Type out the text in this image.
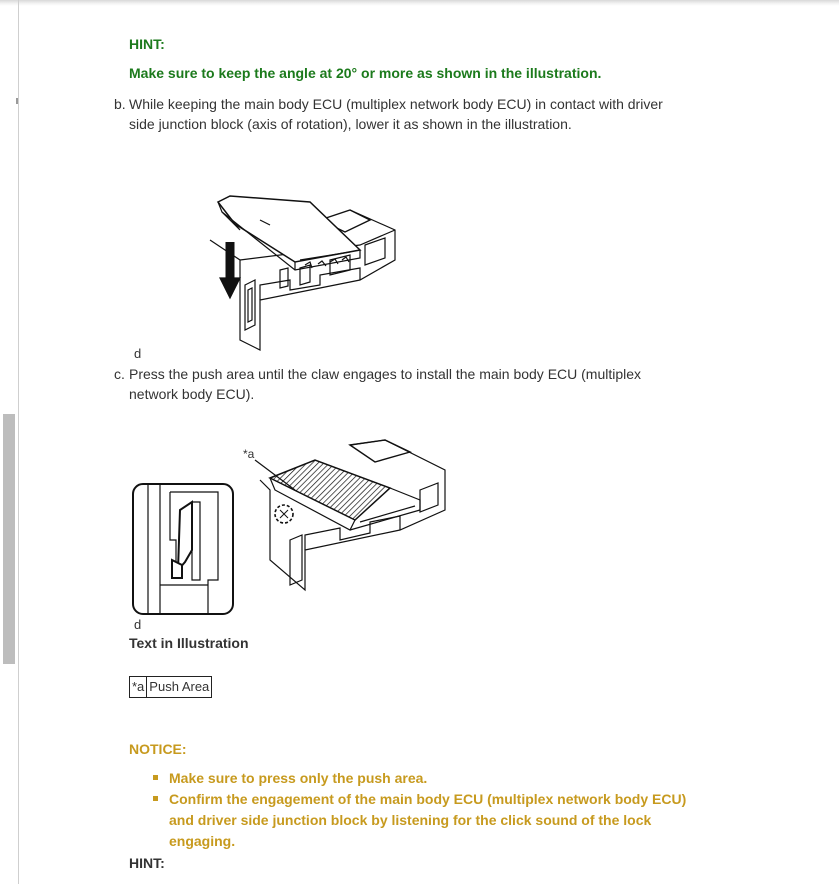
HINT:
Make sure to keep the angle at 20° or more as shown in the illustration.
b. While keeping the main body ECU (multiplex network body ECU) in contact with driver
side junction block (axis of rotation), lower it as shown in the illustration.
d
c. Press the push area until the claw engages to install the main body ECU (multiplex
network body ECU).
*a
d
Text in Illustration
*a	Push Area
NOTICE:
Make sure to press only the push area.
Confirm the engagement of the main body ECU (multiplex network body ECU)
and driver side junction block by listening for the click sound of the lock
engaging.
HINT:
